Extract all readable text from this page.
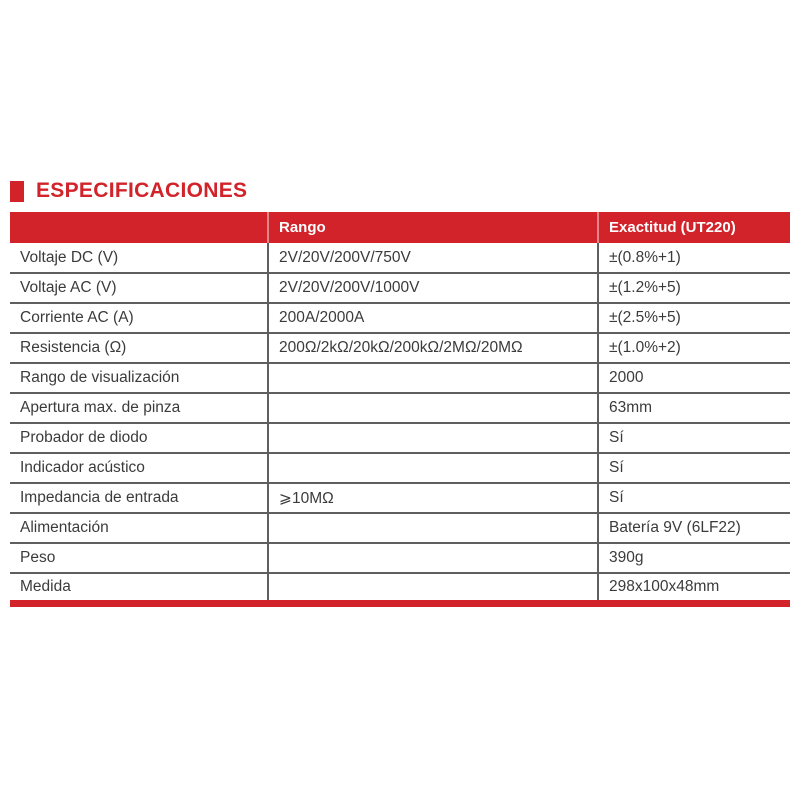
ESPECIFICACIONES
	Rango	Exactitud (UT220)
Voltaje DC (V)	2V/20V/200V/750V	±(0.8%+1)
Voltaje AC (V)	2V/20V/200V/1000V	±(1.2%+5)
Corriente AC (A)	200A/2000A	±(2.5%+5)
Resistencia (Ω)	200Ω/2kΩ/20kΩ/200kΩ/2MΩ/20MΩ	±(1.0%+2)
Rango de visualización		2000
Apertura max. de pinza		63mm
Probador de diodo		Sí
Indicador acústico		Sí
Impedancia de entrada	⩾10MΩ	Sí
Alimentación		Batería 9V (6LF22)
Peso		390g
Medida		298x100x48mm
